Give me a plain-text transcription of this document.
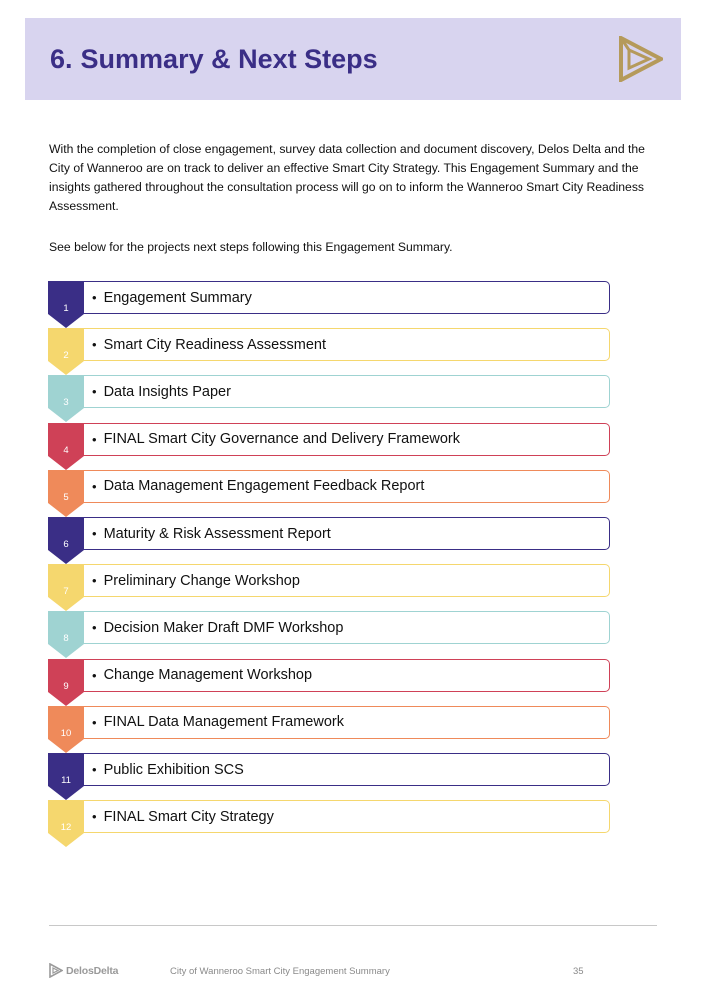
6. Summary & Next Steps

With the completion of close engagement, survey data collection and document discovery, Delos Delta and the City of Wanneroo are on track to deliver an effective Smart City Strategy. This Engagement Summary and the insights gathered throughout the consultation process will go on to inform the Wanneroo Smart City Readiness Assessment.

See below for the projects next steps following this Engagement Summary.

1
• Engagement Summary
2
• Smart City Readiness Assessment
3
• Data Insights Paper
4
• FINAL Smart City Governance and Delivery Framework
5
• Data Management Engagement Feedback Report
6
• Maturity & Risk Assessment Report
7
• Preliminary Change Workshop
8
• Decision Maker Draft DMF Workshop
9
• Change Management Workshop
10
• FINAL Data Management Framework
11
• Public Exhibition SCS
12
• FINAL Smart City Strategy
DelosDelta	City of Wanneroo Smart City Engagement Summary	35
